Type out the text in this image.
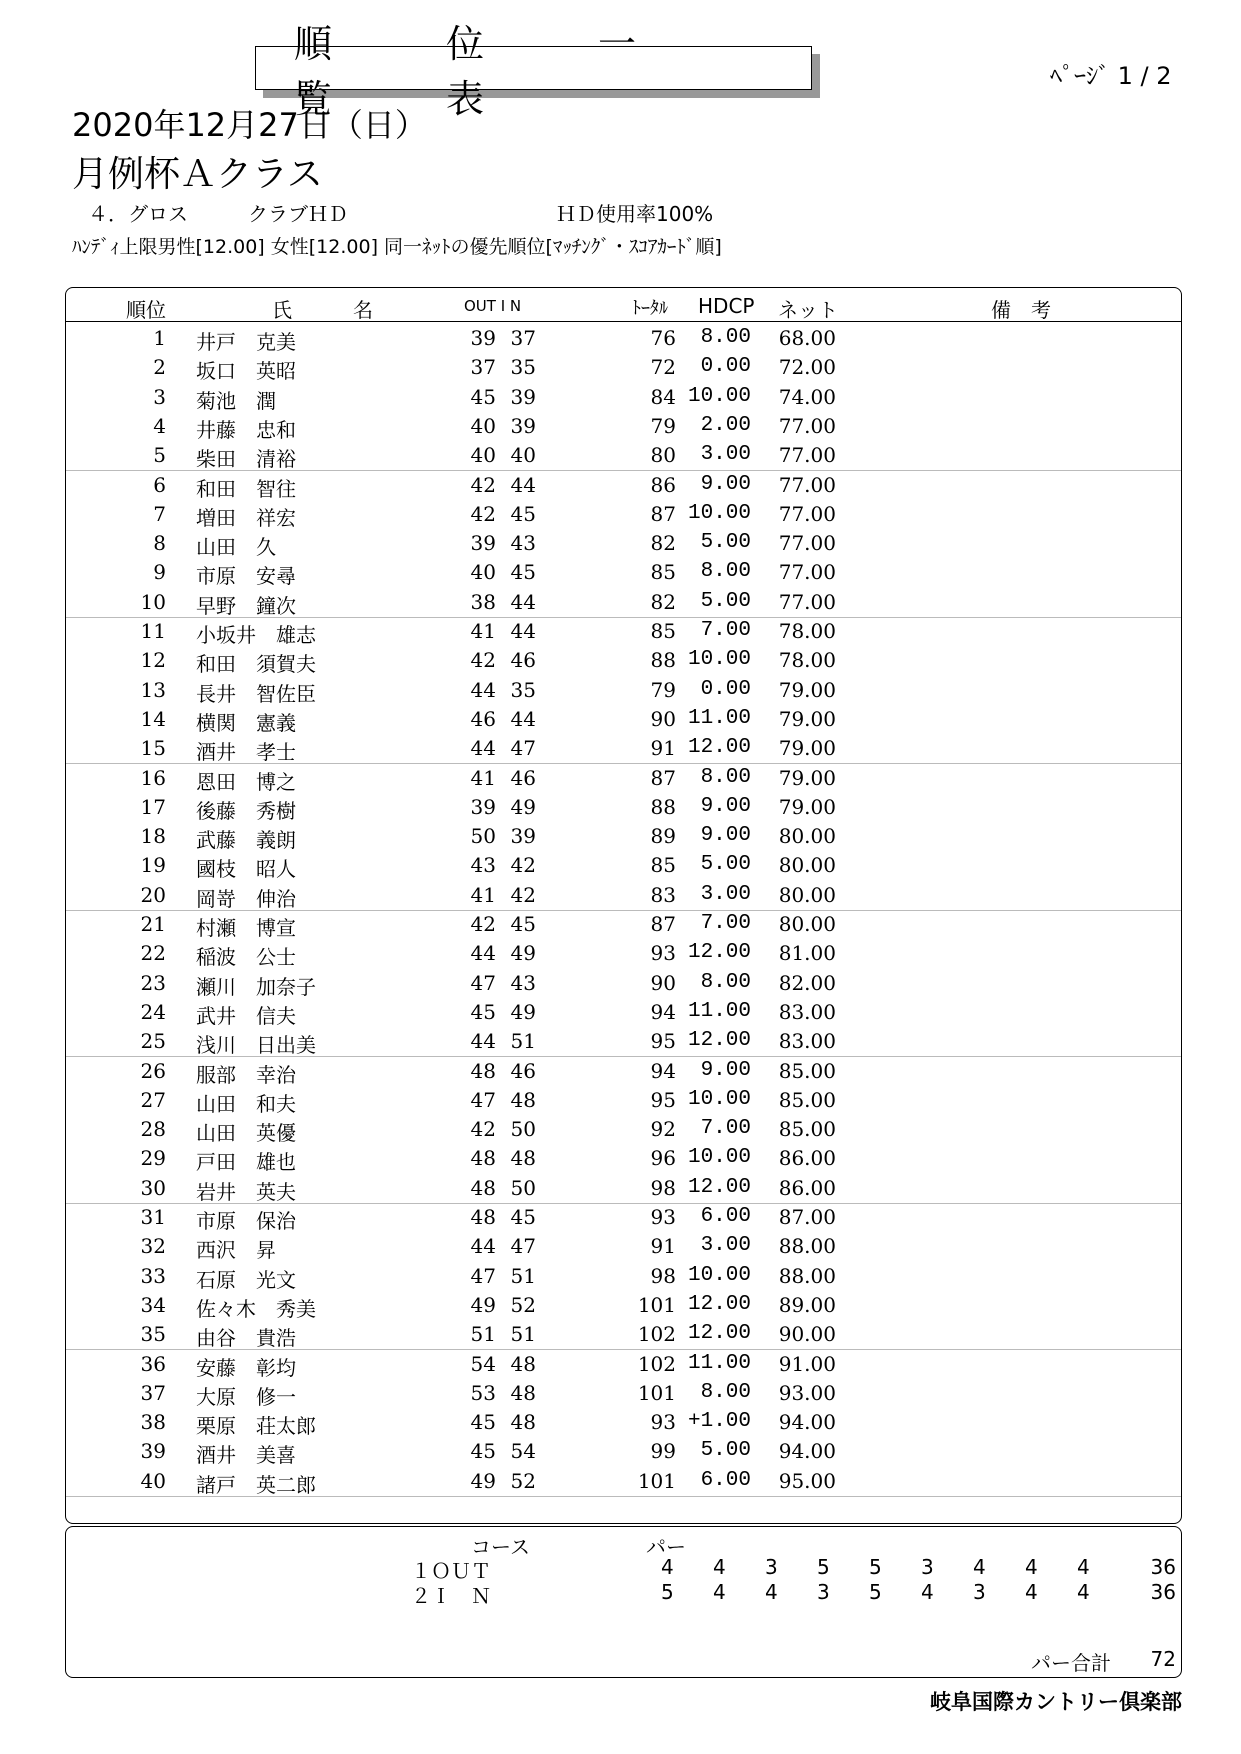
順　位　一　覧　表
ﾍﾟｰｼﾞ 1 / 2
2020年12月27日（日）
月例杯Ａクラス
４．グロス	クラブＨＤ	ＨＤ使用率100%
ﾊﾝﾃﾞｨ上限男性[12.00] 女性[12.00] 同一ﾈｯﾄの優先順位[ﾏｯﾁﾝｸﾞ・ｽｺｱｶｰﾄﾞ順]
順位	氏	名	OUT I N	ﾄｰﾀﾙ HDCP ネット	備　考
1 井戸　克美	39 37	76	8.00	68.00
2 坂口　英昭	37 35	72	0.00	72.00
3 菊池　潤	45 39	84 10.00	74.00
4 井藤　忠和	40 39	79	2.00	77.00
5 柴田　清裕	40 40	80	3.00	77.00
6 和田　智往	42 44	86	9.00	77.00
7 増田　祥宏	42 45	87 10.00	77.00
8 山田　久	39 43	82	5.00	77.00
9 市原　安尋	40 45	85	8.00	77.00
10 早野　鐘次	38 44	82	5.00	77.00
11 小坂井　雄志	41 44	85	7.00	78.00
12 和田　須賀夫	42 46	88 10.00	78.00
13 長井　智佐臣	44 35	79	0.00	79.00
14 横関　憲義	46 44	90 11.00	79.00
15 酒井　孝士	44 47	91 12.00	79.00
16 恩田　博之	41 46	87	8.00	79.00
17 後藤　秀樹	39 49	88	9.00	79.00
18 武藤　義朗	50 39	89	9.00	80.00
19 國枝　昭人	43 42	85	5.00	80.00
20 岡嵜　伸治	41 42	83	3.00	80.00
21 村瀬　博宣	42 45	87	7.00	80.00
22 稲波　公士	44 49	93 12.00	81.00
23 瀬川　加奈子	47 43	90	8.00	82.00
24 武井　信夫	45 49	94 11.00	83.00
25 浅川　日出美	44 51	95 12.00	83.00
26 服部　幸治	48 46	94	9.00	85.00
27 山田　和夫	47 48	95 10.00	85.00
28 山田　英優	42 50	92	7.00	85.00
29 戸田　雄也	48 48	96 10.00	86.00
30 岩井　英夫	48 50	98 12.00	86.00
31 市原　保治	48 45	93	6.00	87.00
32 西沢　昇	44 47	91	3.00	88.00
33 石原　光文	47 51	98 10.00	88.00
34 佐々木　秀美	49 52	101 12.00	89.00
35 由谷　貴浩	51 51	102 12.00	90.00
36 安藤　彰均	54 48	102 11.00	91.00
37 大原　修一	53 48	101	8.00	93.00
38 栗原　荘太郎	45 48	93 +1.00	94.00
39 酒井　美喜	45 54	99	5.00	94.00
40 諸戸　英二郎	49 52	101	6.00	95.00
コース	パー
１ＯＵＴ	4 4 3 5 5 3 4 4 4	36
２Ｉ　Ｎ	5 4 4 3 5 4 3 4 4	36
パー合計 72
岐阜国際カントリー倶楽部
